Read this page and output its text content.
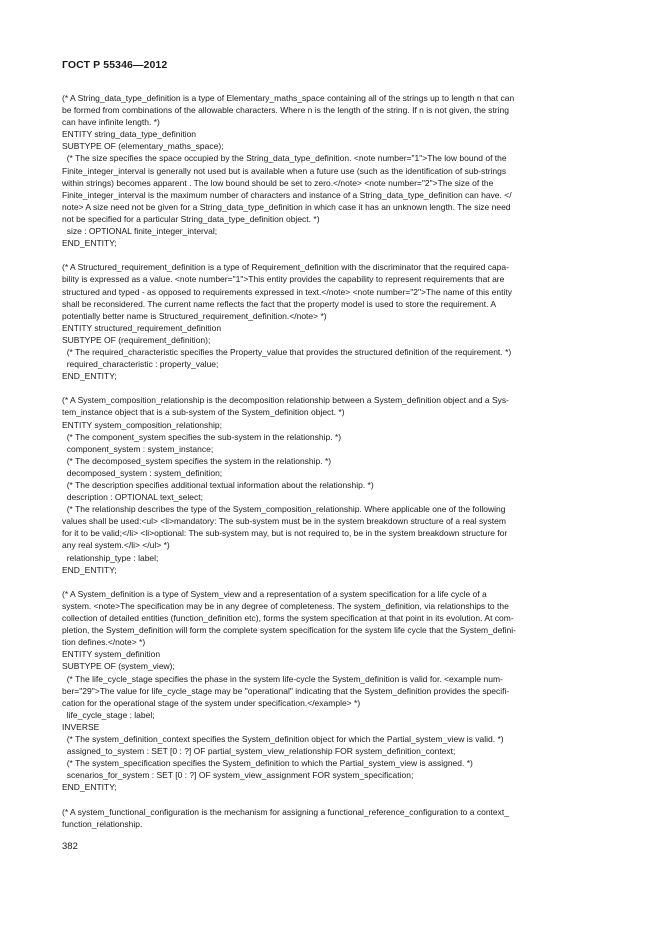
ГОСТ Р 55346—2012
(* A String_data_type_definition is a type of Elementary_maths_space containing all of the strings up to length n that can
be formed from combinations of the allowable characters. Where n is the length of the string. If n is not given, the string
can have infinite length. *)
ENTITY string_data_type_definition
SUBTYPE OF (elementary_maths_space);
(* The size specifies the space occupied by the String_data_type_definition. <note number="1">The low bound of the
Finite_integer_interval is generally not used but is available when a future use (such as the identification of sub-strings
within strings) becomes apparent . The low bound should be set to zero.</note> <note number="2">The size of the
Finite_integer_interval is the maximum number of characters and instance of a String_data_type_definition can have. </
note> A size need not be given for a String_data_type_definition in which case it has an unknown length. The size need
not be specified for a particular String_data_type_definition object. *)
size : OPTIONAL finite_integer_interval;
END_ENTITY;
(* A Structured_requirement_definition is a type of Requirement_definition with the discriminator that the required capa-
bility is expressed as a value. <note number="1">This entity provides the capability to represent requirements that are
structured and typed - as opposed to requirements expressed in text.</note> <note number="2">The name of this entity
shall be reconsidered. The current name reflects the fact that the property model is used to store the requirement. A
potentially better name is Structured_requirement_definition.</note> *)
ENTITY structured_requirement_definition
SUBTYPE OF (requirement_definition);
(* The required_characteristic specifies the Property_value that provides the structured definition of the requirement. *)
required_characteristic : property_value;
END_ENTITY;
(* A System_composition_relationship is the decomposition relationship between a System_definition object and a Sys-
tem_instance object that is a sub-system of the System_definition object. *)
ENTITY system_composition_relationship;
(* The component_system specifies the sub-system in the relationship. *)
component_system : system_instance;
(* The decomposed_system specifies the system in the relationship. *)
decomposed_system : system_definition;
(* The description specifies additional textual information about the relationship. *)
description : OPTIONAL text_select;
(* The relationship describes the type of the System_composition_relationship. Where applicable one of the following
values shall be used:<ul> <li>mandatory: The sub-system must be in the system breakdown structure of a real system
for it to be valid;</li> <li>optional: The sub-system may, but is not required to, be in the system breakdown structure for
any real system.</li> </ul> *)
relationship_type : label;
END_ENTITY;
(* A System_definition is a type of System_view and a representation of a system specification for a life cycle of a
system. <note>The specification may be in any degree of completeness. The system_definition, via relationships to the
collection of detailed entities (function_definition etc), forms the system specification at that point in its evolution. At com-
pletion, the System_definition will form the complete system specification for the system life cycle that the System_defini-
tion defines.</note> *)
ENTITY system_definition
SUBTYPE OF (system_view);
(* The life_cycle_stage specifies the phase in the system life-cycle the System_definition is valid for. <example num-
ber="29">The value for life_cycle_stage may be "operational" indicating that the System_definition provides the specifi-
cation for the operational stage of the system under specification.</example> *)
life_cycle_stage : label;
INVERSE
(* The system_definition_context specifies the System_definition object for which the Partial_system_view is valid. *)
assigned_to_system : SET [0 : ?] OF partial_system_view_relationship FOR system_definition_context;
(* The system_specification specifies the System_definition to which the Partial_system_view is assigned. *)
scenarios_for_system : SET [0 : ?] OF system_view_assignment FOR system_specification;
END_ENTITY;
(* A system_functional_configuration is the mechanism for assigning a functional_reference_configuration to a context_
function_relationship.
382
